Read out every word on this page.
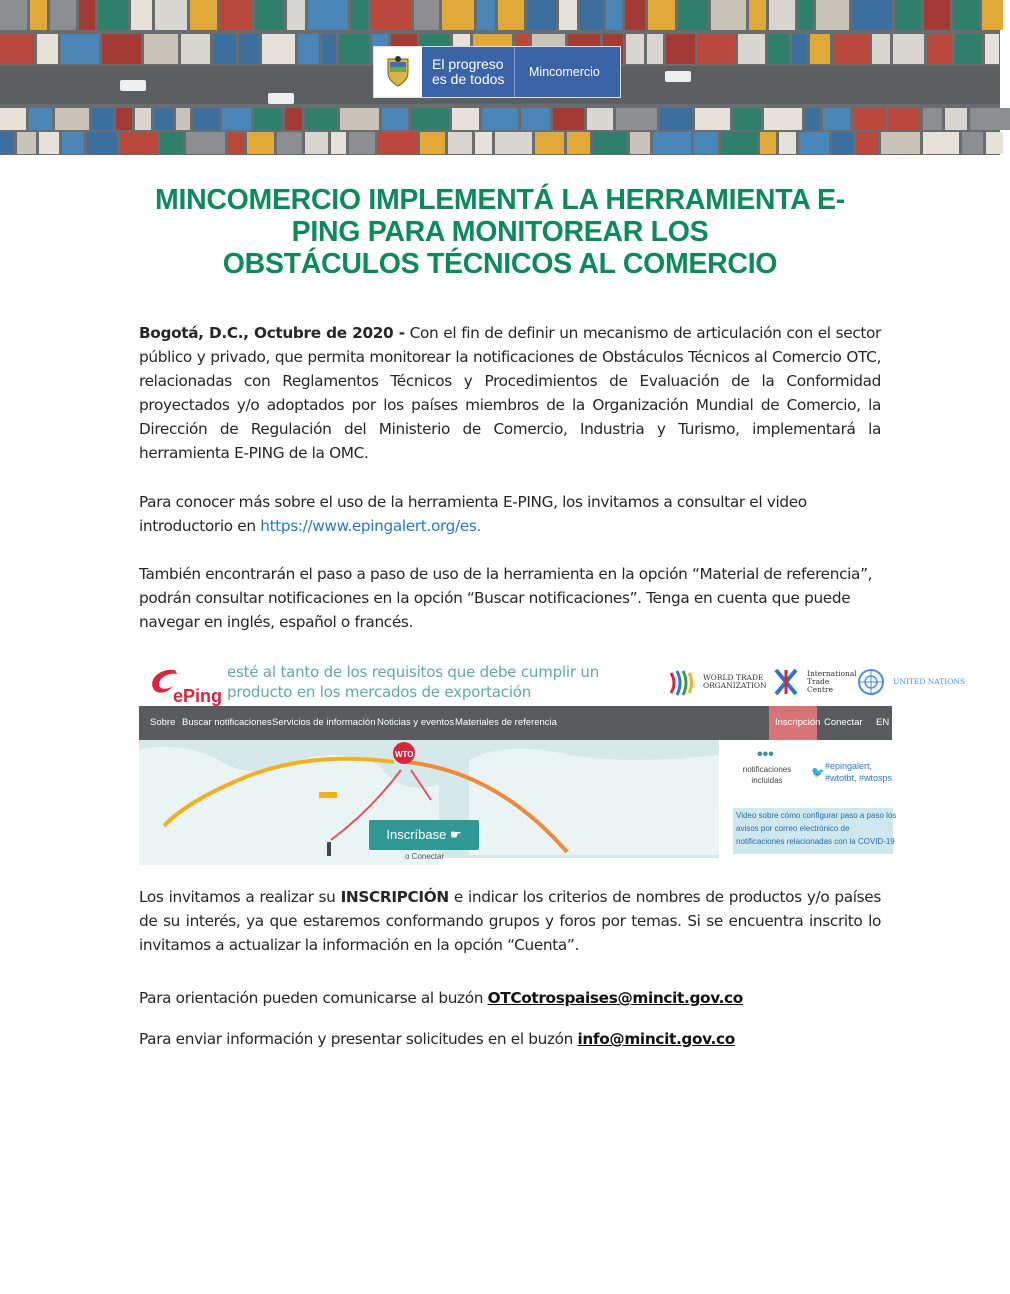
El progreso es de todos	Mincomercio
MINCOMERCIO IMPLEMENTÁ LA HERRAMIENTA E-
PING PARA MONITOREAR LOS
OBSTÁCULOS TÉCNICOS AL COMERCIO
Bogotá, D.C., Octubre de 2020 - Con el fin de definir un mecanismo de articulación con el sector público y privado, que permita monitorear la notificaciones de Obstáculos Técnicos al Comercio OTC, relacionadas con Reglamentos Técnicos y Procedimientos de Evaluación de la Conformidad proyectados y/o adoptados por los países miembros de la Organización Mundial de Comercio, la Dirección de Regulación del Ministerio de Comercio, Industria y Turismo, implementará la herramienta E-PING de la OMC.
Para conocer más sobre el uso de la herramienta E-PING, los invitamos a consultar el video introductorio en https://www.epingalert.org/es.
También encontrarán el paso a paso de uso de la herramienta en la opción “Material de referencia”, podrán consultar notificaciones en la opción “Buscar notificaciones”. Tenga en cuenta que puede navegar en inglés, español o francés.
ePing
esté al tanto de los requisitos que debe cumplir un producto en los mercados de exportación
WORLD TRADE ORGANIZATION
International Trade Centre
UNITED NATIONS
Sobre Buscar notificaciones Servicios de información Noticias y eventos Materiales de referencia	Inscripción Conectar EN ▾
WTO
Inscríbase ☛
o Conectar
•••
notificaciones incluidas
🐦
#epingalert,
#wtotbt, #wtosps
Video sobre cómo configurar paso a paso los
avisos por correo electrónico de
notificaciones relacionadas con la COVID-19
Los invitamos a realizar su INSCRIPCIÓN e indicar los criterios de nombres de productos y/o países de su interés, ya que estaremos conformando grupos y foros por temas. Si se encuentra inscrito lo invitamos a actualizar la información en la opción “Cuenta”.
Para orientación pueden comunicarse al buzón OTCotrospaises@mincit.gov.co
Para enviar información y presentar solicitudes en el buzón info@mincit.gov.co
